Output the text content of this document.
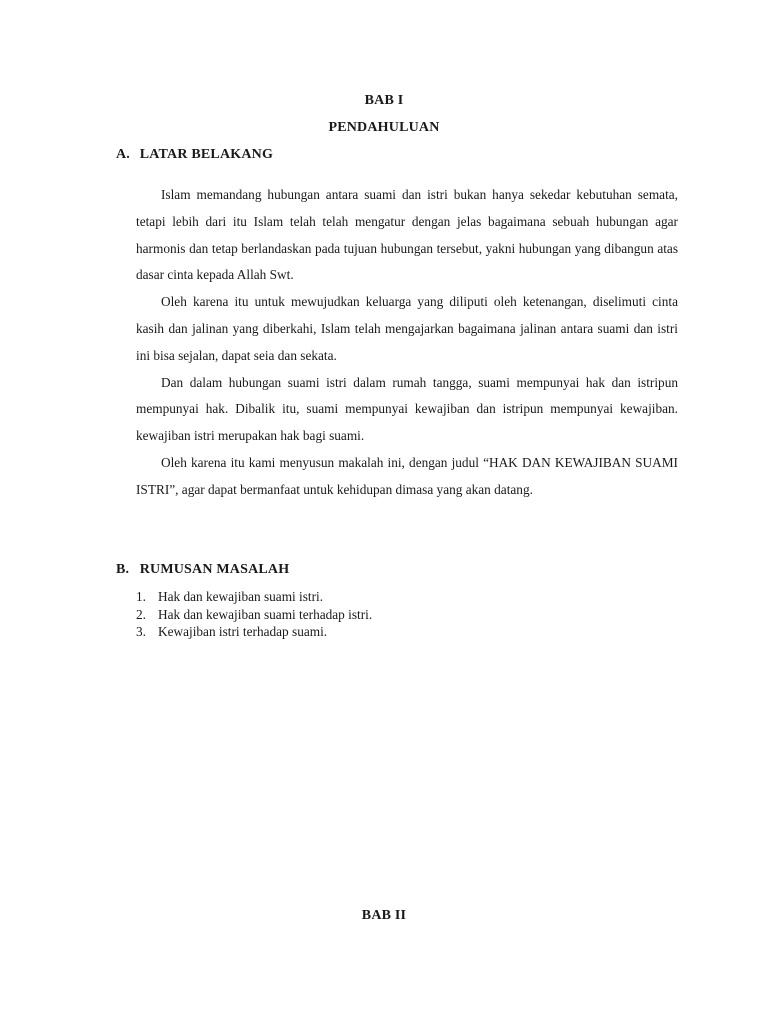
BAB I
PENDAHULUAN
A. LATAR BELAKANG

Islam memandang hubungan antara suami dan istri bukan hanya sekedar kebutuhan semata, tetapi lebih dari itu Islam telah telah mengatur dengan jelas bagaimana sebuah hubungan agar harmonis dan tetap berlandaskan pada tujuan hubungan tersebut, yakni hubungan yang dibangun atas dasar cinta kepada Allah Swt.

Oleh karena itu untuk mewujudkan keluarga yang diliputi oleh ketenangan, diselimuti cinta kasih dan jalinan yang diberkahi, Islam telah mengajarkan bagaimana jalinan antara suami dan istri ini bisa sejalan, dapat seia dan sekata.

Dan dalam hubungan suami istri dalam rumah tangga, suami mempunyai hak dan istripun mempunyai hak. Dibalik itu, suami mempunyai kewajiban dan istripun mempunyai kewajiban. kewajiban istri merupakan hak bagi suami.

Oleh karena itu kami menyusun makalah ini, dengan judul “HAK DAN KEWAJIBAN SUAMI ISTRI”, agar dapat bermanfaat untuk kehidupan dimasa yang akan datang.

B. RUMUSAN MASALAH
1. Hak dan kewajiban suami istri.
2. Hak dan kewajiban suami terhadap istri.
3. Kewajiban istri terhadap suami.
BAB II
